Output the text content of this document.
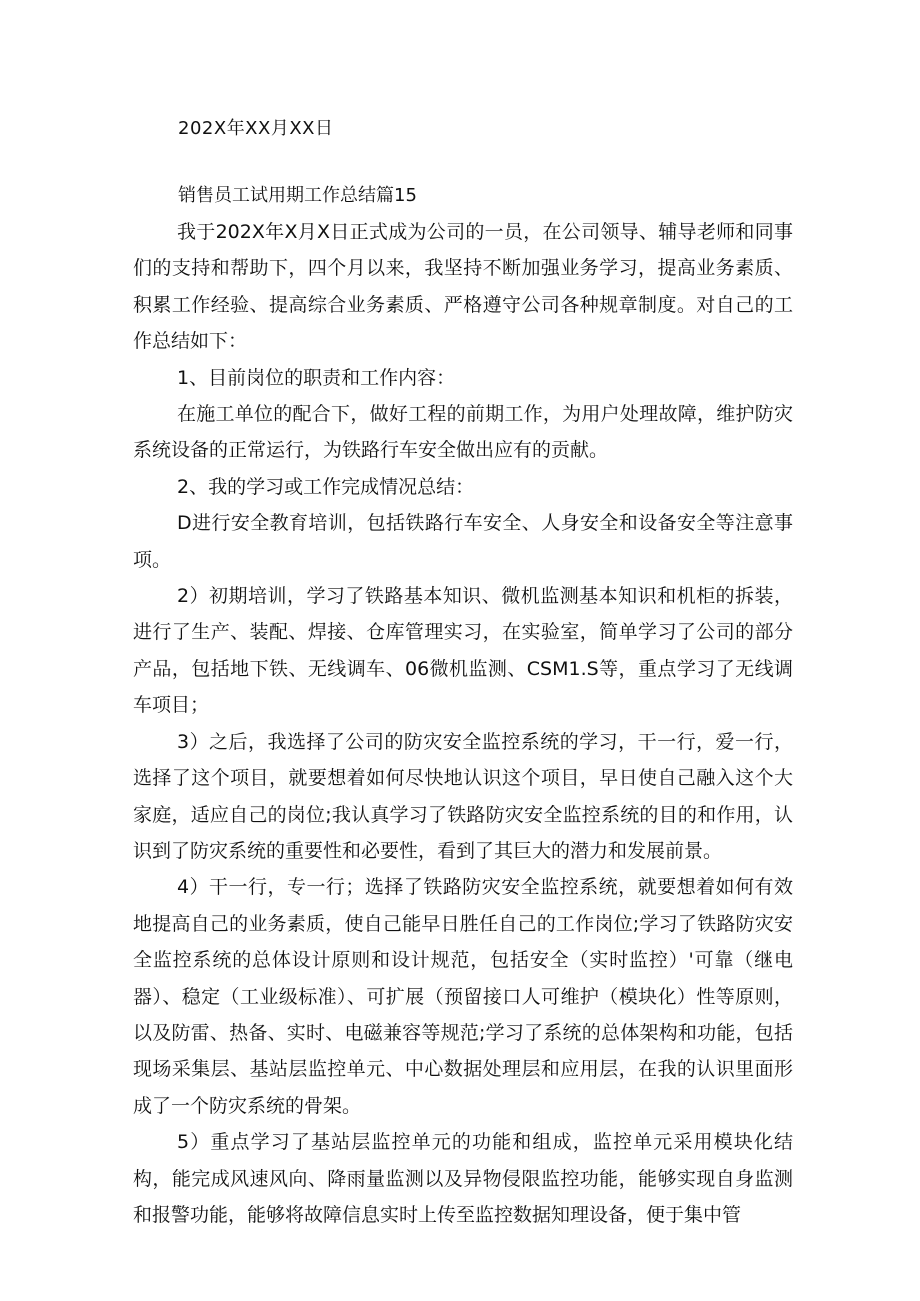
202X年XX月XX日
销售员工试用期工作总结篇15

我于202X年X月X日正式成为公司的一员，在公司领导、辅导老师和同事们的支持和帮助下，四个月以来，我坚持不断加强业务学习，提高业务素质、积累工作经验、提高综合业务素质、严格遵守公司各种规章制度。对自己的工作总结如下：

1、目前岗位的职责和工作内容：

在施工单位的配合下，做好工程的前期工作，为用户处理故障，维护防灾系统设备的正常运行，为铁路行车安全做出应有的贡献。

2、我的学习或工作完成情况总结：

D进行安全教育培训，包括铁路行车安全、人身安全和设备安全等注意事项。

2）初期培训，学习了铁路基本知识、微机监测基本知识和机柜的拆装，进行了生产、装配、焊接、仓库管理实习，在实验室，简单学习了公司的部分产品，包括地下铁、无线调车、06微机监测、CSM1.S等，重点学习了无线调车项目；

3）之后，我选择了公司的防灾安全监控系统的学习，干一行，爱一行，选择了这个项目，就要想着如何尽快地认识这个项目，早日使自己融入这个大家庭，适应自己的岗位;我认真学习了铁路防灾安全监控系统的目的和作用，认识到了防灾系统的重要性和必要性，看到了其巨大的潜力和发展前景。

4）干一行，专一行；选择了铁路防灾安全监控系统，就要想着如何有效地提高自己的业务素质，使自己能早日胜任自己的工作岗位;学习了铁路防灾安全监控系统的总体设计原则和设计规范，包括安全（实时监控）'可靠（继电器）、稳定（工业级标准）、可扩展（预留接口人可维护（模块化）性等原则，以及防雷、热备、实时、电磁兼容等规范;学习了系统的总体架构和功能，包括现场采集层、基站层监控单元、中心数据处理层和应用层，在我的认识里面形成了一个防灾系统的骨架。

5）重点学习了基站层监控单元的功能和组成，监控单元采用模块化结构，能完成风速风向、降雨量监测以及异物侵限监控功能，能够实现自身监测和报警功能，能够将故障信息实时上传至监控数据知理设备，便于集中管
